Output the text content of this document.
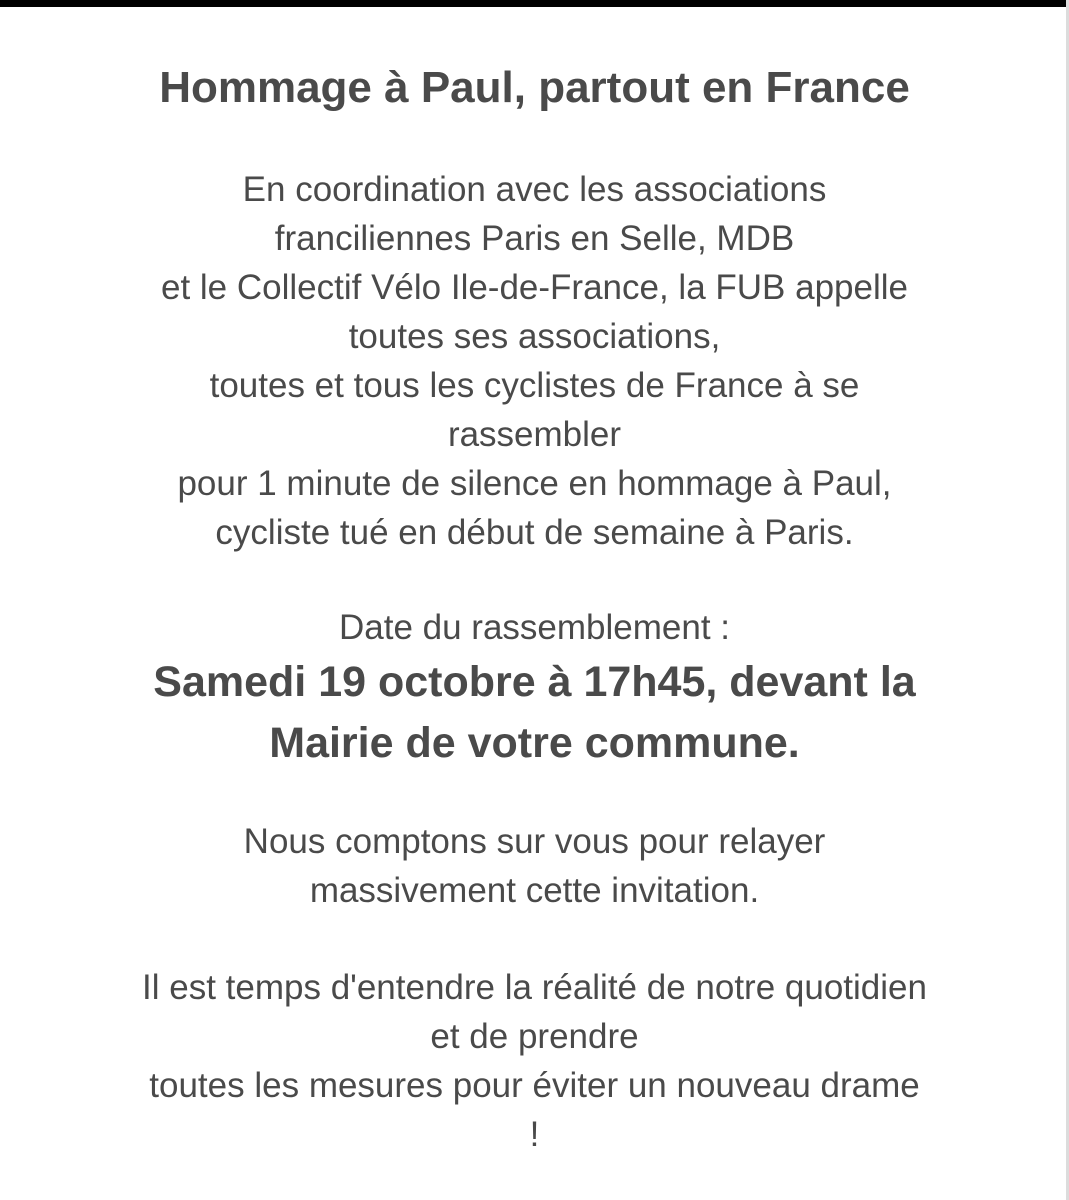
Hommage à Paul, partout en France
En coordination avec les associations
franciliennes Paris en Selle, MDB
et le Collectif Vélo Ile-de-France, la FUB appelle
toutes ses associations,
toutes et tous les cyclistes de France à se
rassembler
pour 1 minute de silence en hommage à Paul,
cycliste tué en début de semaine à Paris.
Date du rassemblement :
Samedi 19 octobre à 17h45, devant la
Mairie de votre commune.
Nous comptons sur vous pour relayer
massivement cette invitation.
Il est temps d'entendre la réalité de notre quotidien
et de prendre
toutes les mesures pour éviter un nouveau drame
!
